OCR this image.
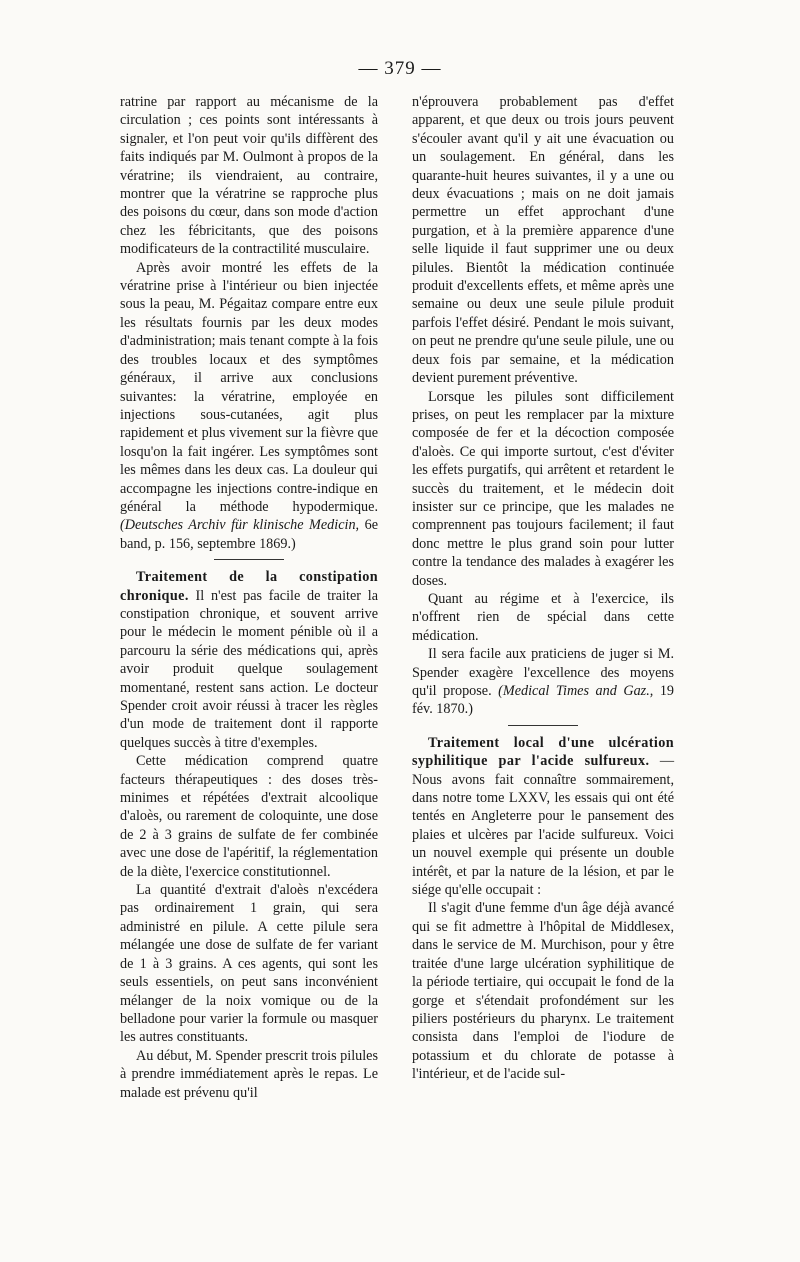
— 379 —

ratrine par rapport au mécanisme de la circulation ; ces points sont intéressants à signaler, et l'on peut voir qu'ils diffèrent des faits indiqués par M. Oulmont à propos de la vératrine; ils viendraient, au contraire, montrer que la vératrine se rapproche plus des poisons du cœur, dans son mode d'action chez les fébricitants, que des poisons modificateurs de la contractilité musculaire.

Après avoir montré les effets de la vératrine prise à l'intérieur ou bien injectée sous la peau, M. Pégaitaz compare entre eux les résultats fournis par les deux modes d'administration; mais tenant compte à la fois des troubles locaux et des symptômes généraux, il arrive aux conclusions suivantes: la vératrine, employée en injections sous-cutanées, agit plus rapidement et plus vivement sur la fièvre que losqu'on la fait ingérer. Les symptômes sont les mêmes dans les deux cas. La douleur qui accompagne les injections contre-indique en général la méthode hypodermique. (Deutsches Archiv für klinische Medicin, 6e band, p. 156, septembre 1869.)

Traitement de la constipation chronique. Il n'est pas facile de traiter la constipation chronique, et souvent arrive pour le médecin le moment pénible où il a parcouru la série des médications qui, après avoir produit quelque soulagement momentané, restent sans action. Le docteur Spender croit avoir réussi à tracer les règles d'un mode de traitement dont il rapporte quelques succès à titre d'exemples.

Cette médication comprend quatre facteurs thérapeutiques : des doses très-minimes et répétées d'extrait alcoolique d'aloès, ou rarement de coloquinte, une dose de 2 à 3 grains de sulfate de fer combinée avec une dose de l'apéritif, la réglementation de la diète, l'exercice constitutionnel.

La quantité d'extrait d'aloès n'excédera pas ordinairement 1 grain, qui sera administré en pilule. A cette pilule sera mélangée une dose de sulfate de fer variant de 1 à 3 grains. A ces agents, qui sont les seuls essentiels, on peut sans inconvénient mélanger de la noix vomique ou de la belladone pour varier la formule ou masquer les autres constituants.

Au début, M. Spender prescrit trois pilules à prendre immédiatement après le repas. Le malade est prévenu qu'il

n'éprouvera probablement pas d'effet apparent, et que deux ou trois jours peuvent s'écouler avant qu'il y ait une évacuation ou un soulagement. En général, dans les quarante-huit heures suivantes, il y a une ou deux évacuations ; mais on ne doit jamais permettre un effet approchant d'une purgation, et à la première apparence d'une selle liquide il faut supprimer une ou deux pilules. Bientôt la médication continuée produit d'excellents effets, et même après une semaine ou deux une seule pilule produit parfois l'effet désiré. Pendant le mois suivant, on peut ne prendre qu'une seule pilule, une ou deux fois par semaine, et la médication devient purement préventive.

Lorsque les pilules sont difficilement prises, on peut les remplacer par la mixture composée de fer et la décoction composée d'aloès. Ce qui importe surtout, c'est d'éviter les effets purgatifs, qui arrêtent et retardent le succès du traitement, et le médecin doit insister sur ce principe, que les malades ne comprennent pas toujours facilement; il faut donc mettre le plus grand soin pour lutter contre la tendance des malades à exagérer les doses.

Quant au régime et à l'exercice, ils n'offrent rien de spécial dans cette médication.

Il sera facile aux praticiens de juger si M. Spender exagère l'excellence des moyens qu'il propose. (Medical Times and Gaz., 19 fév. 1870.)

Traitement local d'une ulcération syphilitique par l'acide sulfureux. — Nous avons fait connaître sommairement, dans notre tome LXXV, les essais qui ont été tentés en Angleterre pour le pansement des plaies et ulcères par l'acide sulfureux. Voici un nouvel exemple qui présente un double intérêt, et par la nature de la lésion, et par le siége qu'elle occupait :

Il s'agit d'une femme d'un âge déjà avancé qui se fit admettre à l'hôpital de Middlesex, dans le service de M. Murchison, pour y être traitée d'une large ulcération syphilitique de la période tertiaire, qui occupait le fond de la gorge et s'étendait profondément sur les piliers postérieurs du pharynx. Le traitement consista dans l'emploi de l'iodure de potassium et du chlorate de potasse à l'intérieur, et de l'acide sul-
